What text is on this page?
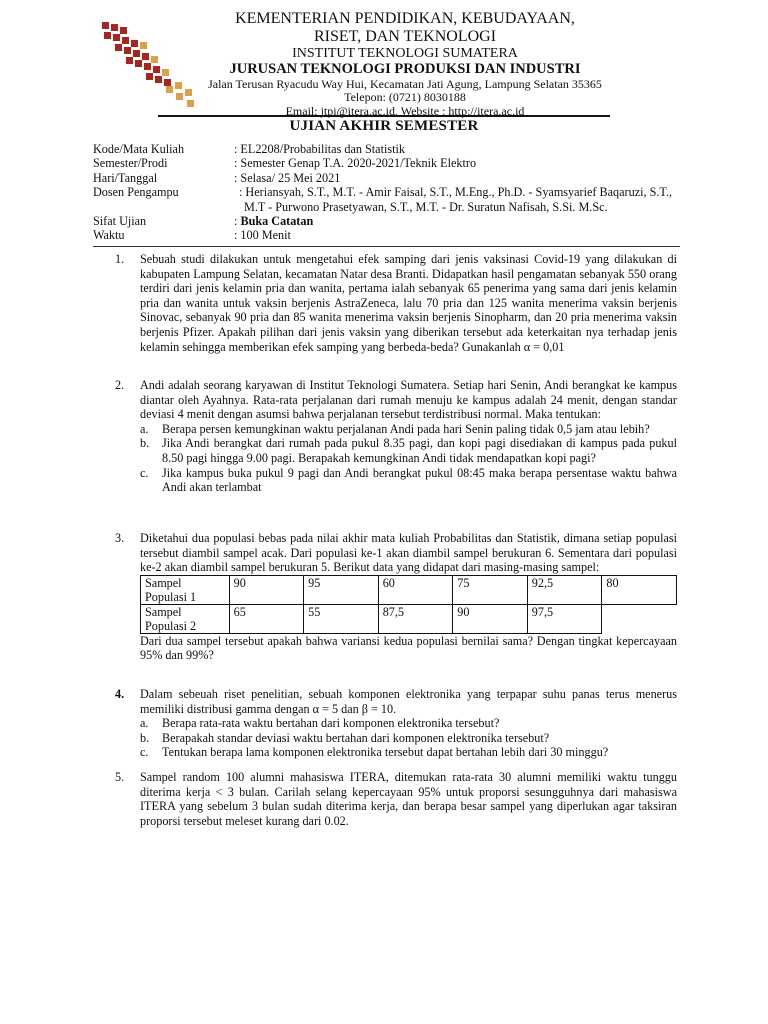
KEMENTERIAN PENDIDIKAN, KEBUDAYAAN,
RISET, DAN TEKNOLOGI
INSTITUT TEKNOLOGI SUMATERA
JURUSAN TEKNOLOGI PRODUKSI DAN INDUSTRI
Jalan Terusan Ryacudu Way Hui, Kecamatan Jati Agung, Lampung Selatan 35365
Telepon: (0721) 8030188
Email: jtpi@itera.ac.id, Website : http://itera.ac.id
UJIAN AKHIR SEMESTER
Kode/Mata Kuliah	: EL2208/Probabilitas dan Statistik
Semester/Prodi	: Semester Genap T.A. 2020-2021/Teknik Elektro
Hari/Tanggal	: Selasa/ 25 Mei 2021
Dosen Pengampu	: Heriansyah, S.T., M.T. - Amir Faisal, S.T., M.Eng., Ph.D. - Syamsyarief Baqaruzi, S.T., M.T - Purwono Prasetyawan, S.T., M.T. - Dr. Suratun Nafisah, S.Si. M.Sc.
Sifat Ujian	: Buka Catatan
Waktu	: 100 Menit
1.	Sebuah studi dilakukan untuk mengetahui efek samping dari jenis vaksinasi Covid-19 yang dilakukan di kabupaten Lampung Selatan, kecamatan Natar desa Branti. Didapatkan hasil pengamatan sebanyak 550 orang terdiri dari jenis kelamin pria dan wanita, pertama ialah sebanyak 65 penerima yang sama dari jenis kelamin pria dan wanita untuk vaksin berjenis AstraZeneca, lalu 70 pria dan 125 wanita menerima vaksin berjenis Sinovac, sebanyak 90 pria dan 85 wanita menerima vaksin berjenis Sinopharm, dan 20 pria menerima vaksin berjenis Pfizer. Apakah pilihan dari jenis vaksin yang diberikan tersebut ada keterkaitan nya terhadap jenis kelamin sehingga memberikan efek samping yang berbeda-beda? Gunakanlah α = 0,01
2.	Andi adalah seorang karyawan di Institut Teknologi Sumatera. Setiap hari Senin, Andi berangkat ke kampus diantar oleh Ayahnya. Rata-rata perjalanan dari rumah menuju ke kampus adalah 24 menit, dengan standar deviasi 4 menit dengan asumsi bahwa perjalanan tersebut terdistribusi normal. Maka tentukan:
a.	Berapa persen kemungkinan waktu perjalanan Andi pada hari Senin paling tidak 0,5 jam atau lebih?
b.	Jika Andi berangkat dari rumah pada pukul 8.35 pagi, dan kopi pagi disediakan di kampus pada pukul 8.50 pagi hingga 9.00 pagi. Berapakah kemungkinan Andi tidak mendapatkan kopi pagi?
c.	Jika kampus buka pukul 9 pagi dan Andi berangkat pukul 08:45 maka berapa persentase waktu bahwa Andi akan terlambat
3.	Diketahui dua populasi bebas pada nilai akhir mata kuliah Probabilitas dan Statistik, dimana setiap populasi tersebut diambil sampel acak. Dari populasi ke-1 akan diambil sampel berukuran 6. Sementara dari populasi ke-2 akan diambil sampel berukuran 5. Berikut data yang didapat dari masing-masing sampel:
Sampel Populasi 1	90	95	60	75	92,5	80
Sampel Populasi 2	65	55	87,5	90	97,5	
Dari dua sampel tersebut apakah bahwa variansi kedua populasi bernilai sama? Dengan tingkat kepercayaan 95% dan 99%?
4.	Dalam sebeuah riset penelitian, sebuah komponen elektronika yang terpapar suhu panas terus menerus memiliki distribusi gamma dengan α = 5 dan β = 10.
a.	Berapa rata-rata waktu bertahan dari komponen elektronika tersebut?
b.	Berapakah standar deviasi waktu bertahan dari komponen elektronika tersebut?
c.	Tentukan berapa lama komponen elektronika tersebut dapat bertahan lebih dari 30 minggu?
5.	Sampel random 100 alumni mahasiswa ITERA, ditemukan rata-rata 30 alumni memiliki waktu tunggu diterima kerja < 3 bulan. Carilah selang kepercayaan 95% untuk proporsi sesungguhnya dari mahasiswa ITERA yang sebelum 3 bulan sudah diterima kerja, dan berapa besar sampel yang diperlukan agar taksiran proporsi tersebut meleset kurang dari 0.02.
